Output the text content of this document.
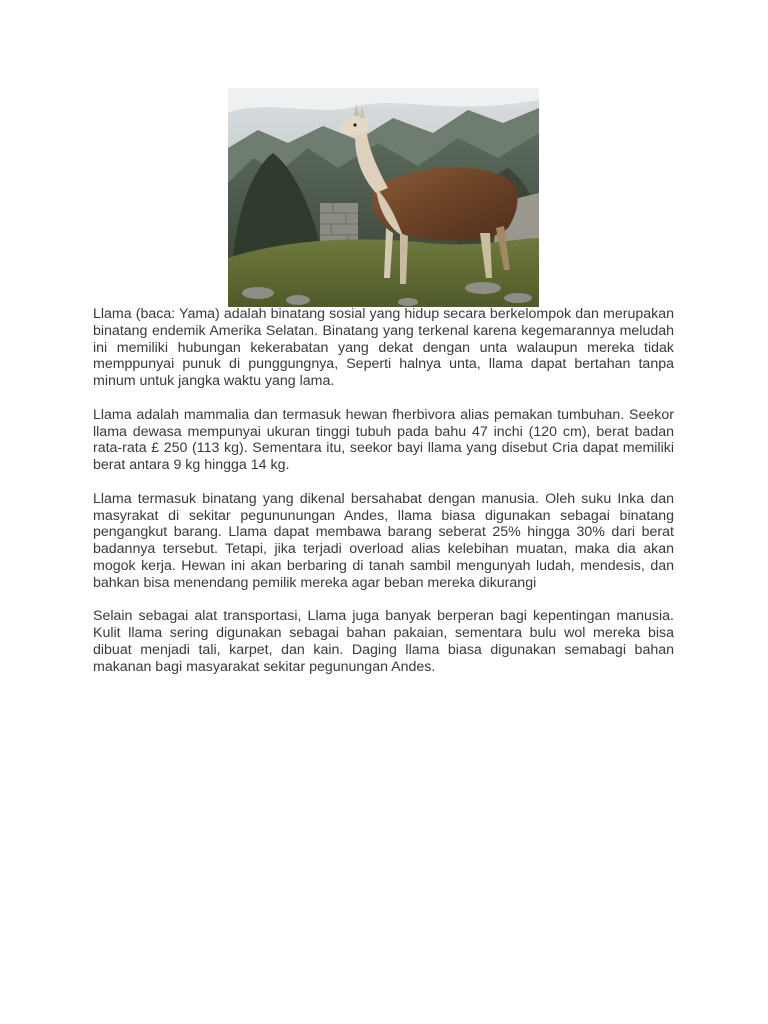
Llama (baca: Yama) adalah binatang sosial yang hidup secara berkelompok dan merupakan binatang endemik Amerika Selatan. Binatang yang terkenal karena kegemarannya meludah ini memiliki hubungan kekerabatan yang dekat dengan unta walaupun mereka tidak memppunyai punuk di punggungnya, Seperti halnya unta, llama dapat bertahan tanpa minum untuk jangka waktu yang lama.

Llama adalah mammalia dan termasuk hewan fherbivora alias pemakan tumbuhan. Seekor llama dewasa mempunyai ukuran tinggi tubuh pada bahu 47 inchi (120 cm), berat badan rata-rata £ 250 (113 kg). Sementara itu, seekor bayi llama yang disebut Cria dapat memiliki berat antara 9 kg hingga 14 kg.

Llama termasuk binatang yang dikenal bersahabat dengan manusia. Oleh suku Inka dan masyrakat di sekitar pegununungan Andes, llama biasa digunakan sebagai binatang pengangkut barang. Llama dapat membawa barang seberat 25% hingga 30% dari berat badannya tersebut. Tetapi, jika terjadi overload alias kelebihan muatan, maka dia akan mogok kerja. Hewan ini akan berbaring di tanah sambil mengunyah ludah, mendesis, dan bahkan bisa menendang pemilik mereka agar beban mereka dikurangi

Selain sebagai alat transportasi, Llama juga banyak berperan bagi kepentingan manusia. Kulit llama sering digunakan sebagai bahan pakaian, sementara bulu wol mereka bisa dibuat menjadi tali, karpet, dan kain. Daging llama biasa digunakan semabagi bahan makanan bagi masyarakat sekitar pegunungan Andes.
